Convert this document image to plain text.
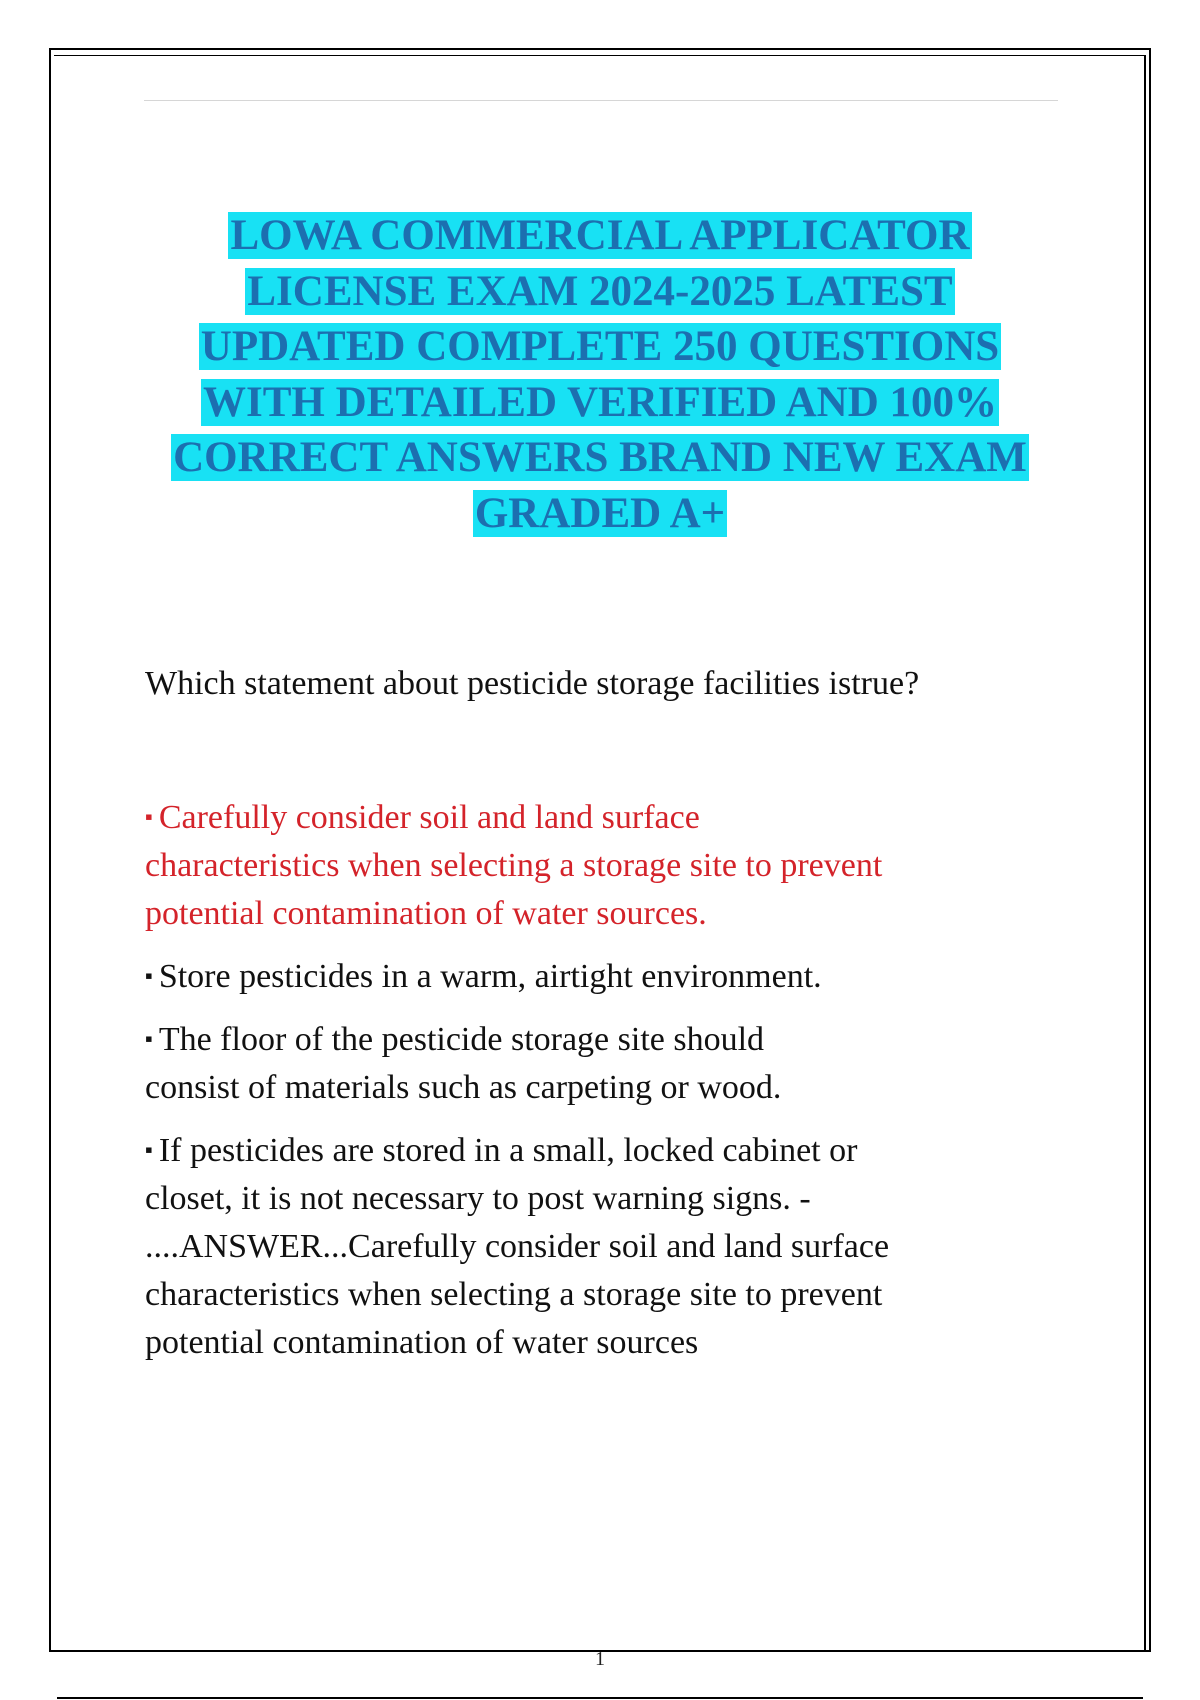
LOWA COMMERCIAL APPLICATOR
LICENSE EXAM 2024-2025 LATEST
UPDATED COMPLETE 250 QUESTIONS
WITH DETAILED VERIFIED AND 100%
CORRECT ANSWERS BRAND NEW EXAM
GRADED A+
Which statement about pesticide storage facilities istrue?
▪ Carefully consider soil and land surface
characteristics when selecting a storage site to prevent
potential contamination of water sources.
▪ Store pesticides in a warm, airtight environment.
▪ The floor of the pesticide storage site should
consist of materials such as carpeting or wood.
▪ If pesticides are stored in a small, locked cabinet or
closet, it is not necessary to post warning signs. -
....ANSWER...Carefully consider soil and land surface
characteristics when selecting a storage site to prevent
potential contamination of water sources
1
